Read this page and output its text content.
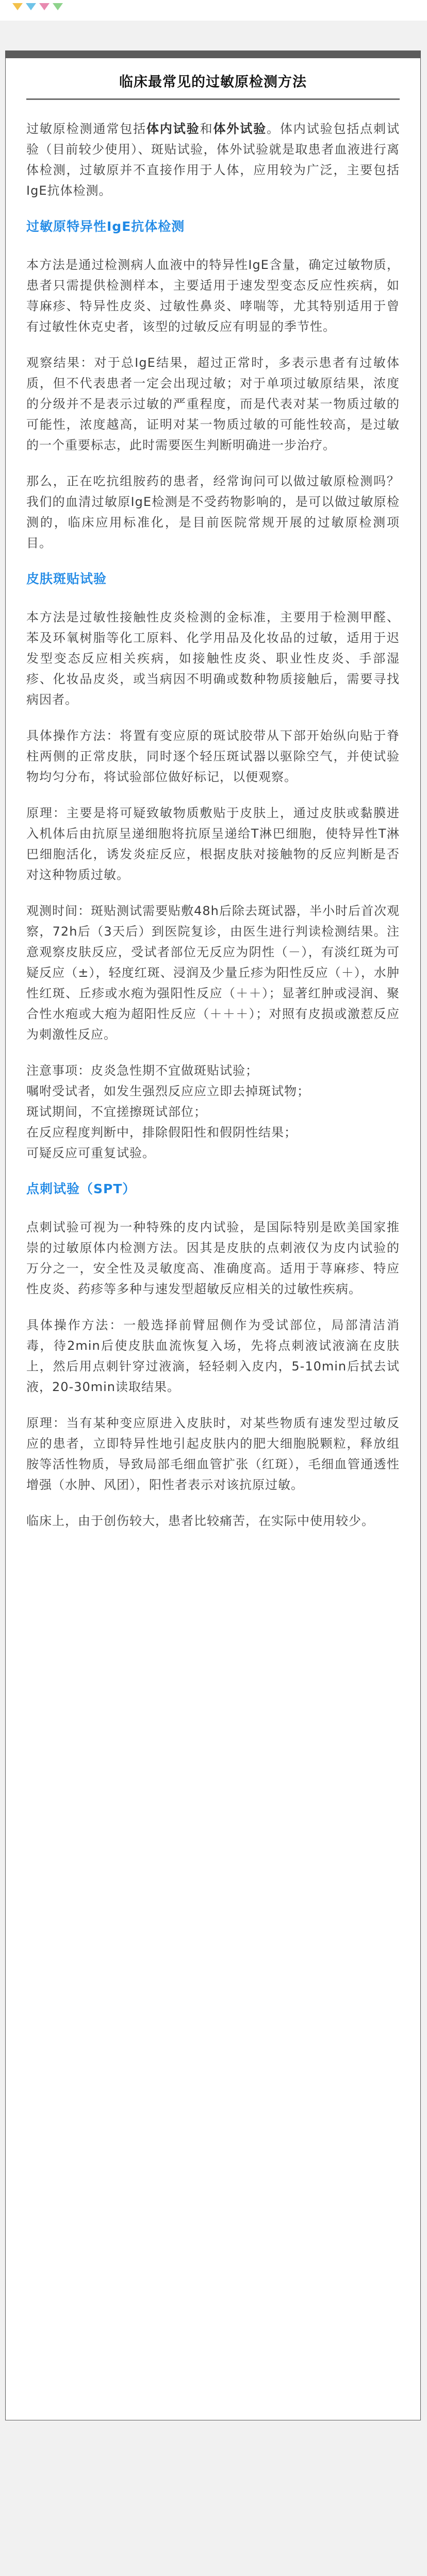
临床最常见的过敏原检测方法

过敏原检测通常包括体内试验和体外试验。体内试验包括点刺试验（目前较少使用）、斑贴试验，体外试验就是取患者血液进行离体检测，过敏原并不直接作用于人体，应用较为广泛，主要包括IgE抗体检测。

过敏原特异性IgE抗体检测

本方法是通过检测病人血液中的特异性IgE含量，确定过敏物质，患者只需提供检测样本，主要适用于速发型变态反应性疾病，如荨麻疹、特异性皮炎、过敏性鼻炎、哮喘等，尤其特别适用于曾有过敏性休克史者，该型的过敏反应有明显的季节性。

观察结果：对于总IgE结果，超过正常时，多表示患者有过敏体质，但不代表患者一定会出现过敏；对于单项过敏原结果，浓度的分级并不是表示过敏的严重程度，而是代表对某一物质过敏的可能性，浓度越高，证明对某一物质过敏的可能性较高，是过敏的一个重要标志，此时需要医生判断明确进一步治疗。

那么，正在吃抗组胺药的患者，经常询问可以做过敏原检测吗？我们的血清过敏原IgE检测是不受药物影响的，是可以做过敏原检测的，临床应用标准化，是目前医院常规开展的过敏原检测项目。

皮肤斑贴试验

本方法是过敏性接触性皮炎检测的金标准，主要用于检测甲醛、苯及环氧树脂等化工原料、化学用品及化妆品的过敏，适用于迟发型变态反应相关疾病，如接触性皮炎、职业性皮炎、手部湿疹、化妆品皮炎，或当病因不明确或数种物质接触后，需要寻找病因者。

具体操作方法：将置有变应原的斑试胶带从下部开始纵向贴于脊柱两侧的正常皮肤，同时逐个轻压斑试器以驱除空气，并使试验物均匀分布，将试验部位做好标记，以便观察。

原理：主要是将可疑致敏物质敷贴于皮肤上，通过皮肤或黏膜进入机体后由抗原呈递细胞将抗原呈递给T淋巴细胞，使特异性T淋巴细胞活化，诱发炎症反应，根据皮肤对接触物的反应判断是否对这种物质过敏。

观测时间：斑贴测试需要贴敷48h后除去斑试器，半小时后首次观察，72h后（3天后）到医院复诊，由医生进行判读检测结果。注意观察皮肤反应，受试者部位无反应为阴性（－），有淡红斑为可疑反应（±），轻度红斑、浸润及少量丘疹为阳性反应（＋），水肿性红斑、丘疹或水疱为强阳性反应（＋＋）；显著红肿或浸润、聚合性水疱或大疱为超阳性反应（＋＋＋）；对照有皮损或激惹反应为刺激性反应。

注意事项：皮炎急性期不宜做斑贴试验；
嘱咐受试者，如发生强烈反应应立即去掉斑试物；
斑试期间，不宜搓擦斑试部位；
在反应程度判断中，排除假阳性和假阴性结果；
可疑反应可重复试验。

点刺试验（SPT）

点刺试验可视为一种特殊的皮内试验，是国际特别是欧美国家推崇的过敏原体内检测方法。因其是皮肤的点刺液仅为皮内试验的万分之一，安全性及灵敏度高、准确度高。适用于荨麻疹、特应性皮炎、药疹等多种与速发型超敏反应相关的过敏性疾病。

具体操作方法：一般选择前臂屈侧作为受试部位，局部清洁消毒，待2min后使皮肤血流恢复入场，先将点刺液试液滴在皮肤上，然后用点刺针穿过液滴，轻轻刺入皮内，5-10min后拭去试液，20-30min读取结果。

原理：当有某种变应原进入皮肤时，对某些物质有速发型过敏反应的患者，立即特异性地引起皮肤内的肥大细胞脱颗粒，释放组胺等活性物质，导致局部毛细血管扩张（红斑），毛细血管通透性增强（水肿、风团），阳性者表示对该抗原过敏。

临床上，由于创伤较大，患者比较痛苦，在实际中使用较少。
